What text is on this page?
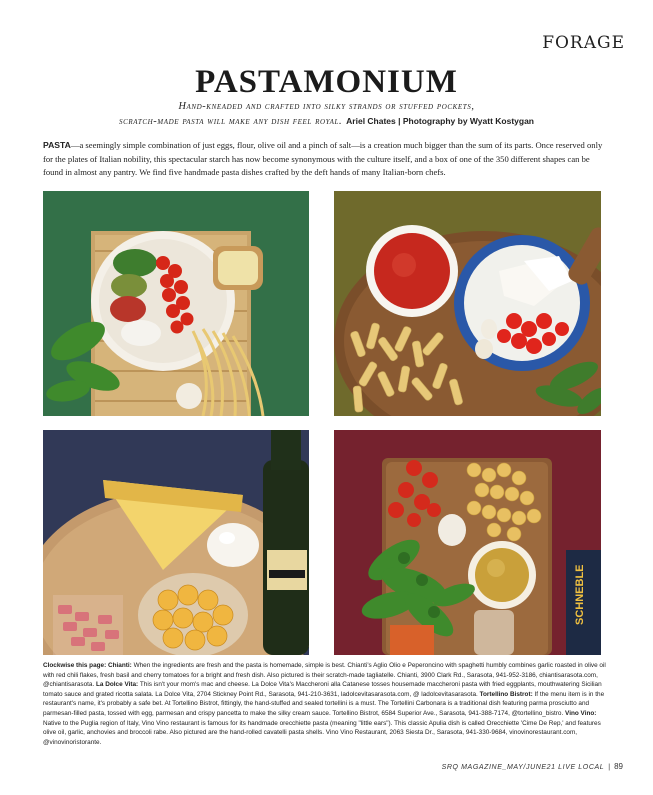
FORAGE
PASTAMONIUM
Hand-kneaded and crafted into silky strands or stuffed pockets,
scratch-made pasta will make any dish feel royal. Ariel Chates | Photography by Wyatt Kostygan

PASTA—a seemingly simple combination of just eggs, flour, olive oil and a pinch of salt—is a creation much bigger than the sum of its parts. Once reserved only for the plates of Italian nobility, this spectacular starch has now become synonymous with the culture itself, and a box of one of the 350 different shapes can be found in almost any pantry. We find five handmade pasta dishes crafted by the deft hands of many Italian-born chefs.

SCHNEBLE
Clockwise this page: Chianti: When the ingredients are fresh and the pasta is homemade, simple is best. Chianti's Aglio Olio e Peperoncino with spaghetti humbly combines garlic roasted in olive oil with red chili flakes, fresh basil and cherry tomatoes for a bright and fresh dish. Also pictured is their scratch-made tagliatelle. Chianti, 3900 Clark Rd., Sarasota, 941-952-3186, chiantisarasota.com, @chiantisarasota. La Dolce Vita: This isn't your mom's mac and cheese. La Dolce Vita's Maccheroni alla Catanese tosses housemade maccheroni pasta with fried eggplants, mouthwatering Sicilian tomato sauce and grated ricotta salata. La Dolce Vita, 2704 Stickney Point Rd., Sarasota, 941-210-3631, ladolcevitasarasota.com, @ ladolcevitasarasota. Tortellino Bistrot: If the menu item is in the restaurant's name, it's probably a safe bet. At Tortellino Bistrot, fittingly, the hand-stuffed and sealed tortellini is a must. The Tortellini Carbonara is a traditional dish featuring parma prosciutto and parmesan-filled pasta, tossed with egg, parmesan and crispy pancetta to make the silky cream sauce. Tortellino Bistrot, 6584 Superior Ave., Sarasota, 941-388-7174, @tortellino_bistro. Vino Vino: Native to the Puglia region of Italy, Vino Vino restaurant is famous for its handmade orecchiette pasta (meaning "little ears"). This classic Apulia dish is called Orecchiette 'Cime De Rep,' and features olive oil, garlic, anchovies and broccoli rabe. Also pictured are the hand-rolled cavatelli pasta shells. Vino Vino Restaurant, 2063 Siesta Dr., Sarasota, 941-330-9684, vinovinorestaurant.com, @vinovinoristorante.
SRQ MAGAZINE_MAY/JUNE21 LIVE LOCAL | 89
